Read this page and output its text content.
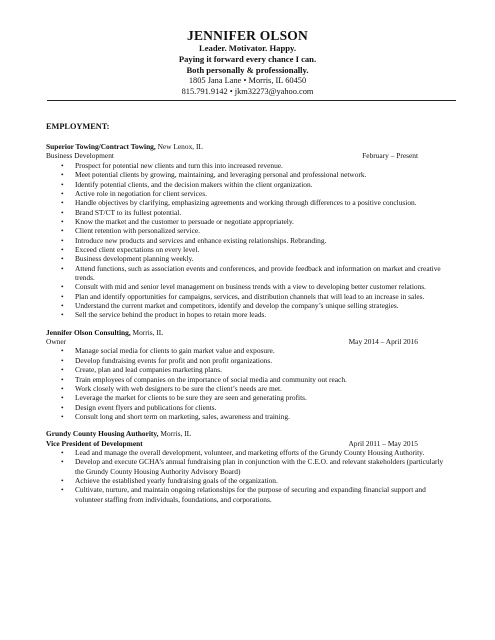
JENNIFER OLSON
Leader. Motivator. Happy.
Paying it forward every chance I can.
Both personally & professionally.
1805 Jana Lane • Morris, IL 60450
815.791.9142 • jkm32273@yahoo.com
EMPLOYMENT:
Superior Towing/Contract Towing, New Lenox, IL
Business Development	February – Present
• Prospect for potential new clients and turn this into increased revenue.
• Meet potential clients by growing, maintaining, and leveraging personal and professional network.
• Identify potential clients, and the decision makers within the client organization.
• Active role in negotiation for client services.
• Handle objectives by clarifying, emphasizing agreements and working through differences to a positive conclusion.
• Brand ST/CT to its fullest potential.
• Know the market and the customer to persuade or negotiate appropriately.
• Client retention with personalized service.
• Introduce new products and services and enhance existing relationships. Rebranding.
• Exceed client expectations on every level.
• Business development planning weekly.
• Attend functions, such as association events and conferences, and provide feedback and information on market and creative trends.
• Consult with mid and senior level management on business trends with a view to developing better customer relations.
• Plan and identify opportunities for campaigns, services, and distribution channels that will lead to an increase in sales.
• Understand the current market and competitors, identify and develop the company’s unique selling strategies.
• Sell the service behind the product in hopes to retain more leads.
Jennifer Olson Consulting, Morris, IL
Owner	May 2014 – April 2016
• Manage social media for clients to gain market value and exposure.
• Develop fundraising events for profit and non profit organizations.
• Create, plan and lead companies marketing plans.
• Train employees of companies on the importance of social media and community out reach.
• Work closely with web designers to be sure the client’s needs are met.
• Leverage the market for clients to be sure they are seen and generating profits.
• Design event flyers and publications for clients.
• Consult long and short term on marketing, sales, awareness and training.
Grundy County Housing Authority, Morris, IL
Vice President of Development	April 2011 – May 2015
• Lead and manage the overall development, volunteer, and marketing efforts of the Grundy County Housing Authority.
• Develop and execute GCHA’s annual fundraising plan in conjunction with the C.E.O. and relevant stakeholders (particularly the Grundy County Housing Authority Advisory Board)
• Achieve the established yearly fundraising goals of the organization.
• Cultivate, nurture, and maintain ongoing relationships for the purpose of securing and expanding financial support and volunteer staffing from individuals, foundations, and corporations.
